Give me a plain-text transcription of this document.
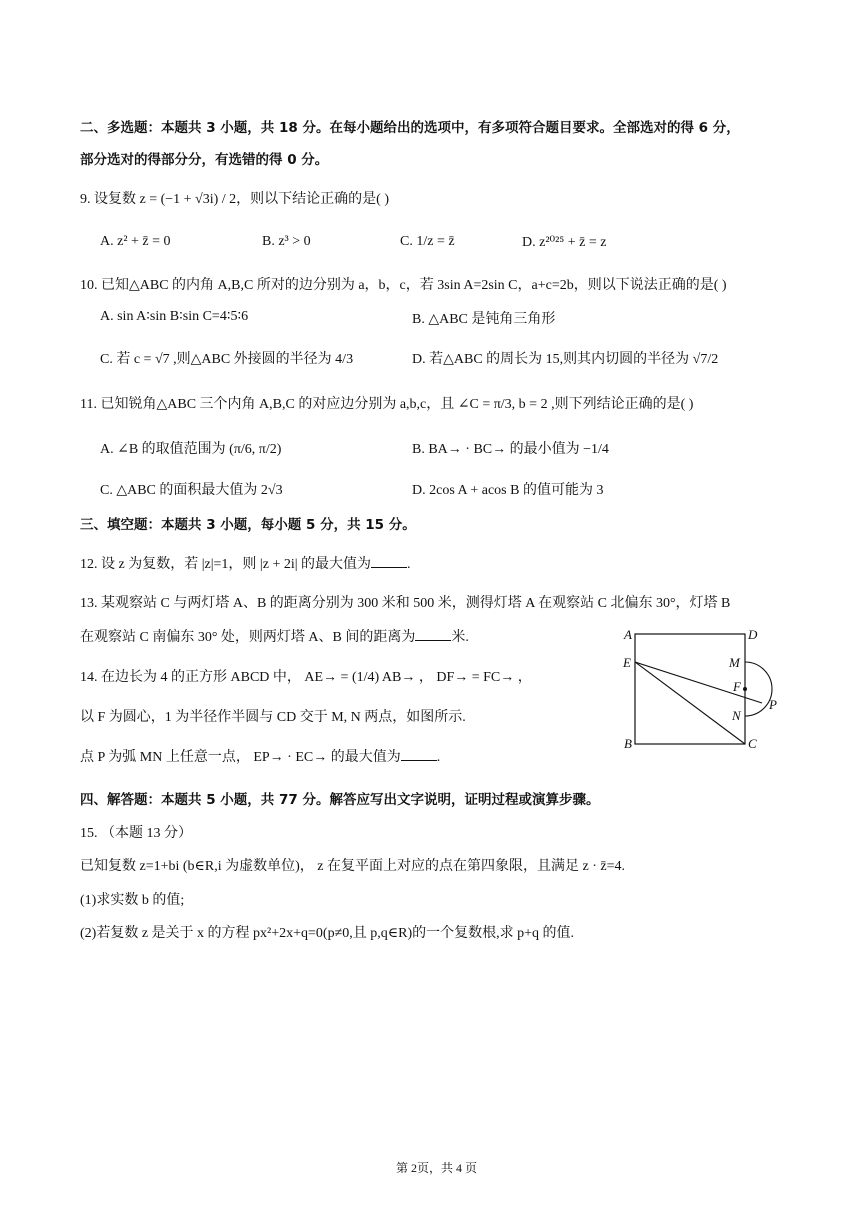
二、多选题：本题共 3 小题，共 18 分。在每小题给出的选项中，有多项符合题目要求。全部选对的得 6 分，
部分选对的得部分分，有选错的得 0 分。
9. 设复数 z = (−1 + √3i) / 2，则以下结论正确的是( )
A. z² + z̄ = 0	B. z³ > 0	C. 1/z = z̄	D. z²⁰²⁵ + z̄ = z
10. 已知△ABC 的内角 A,B,C 所对的边分别为 a，b，c，若 3sin A=2sin C，a+c=2b，则以下说法正确的是( )
A. sin A∶sin B∶sin C=4∶5∶6	B. △ABC 是钝角三角形
C. 若 c = √7 ,则△ABC 外接圆的半径为 4/3	D. 若△ABC 的周长为 15,则其内切圆的半径为 √7/2
11. 已知锐角△ABC 三个内角 A,B,C 的对应边分别为 a,b,c，且 ∠C = π/3, b = 2 ,则下列结论正确的是( )
A. ∠B 的取值范围为 (π/6, π/2)	B. BA→ · BC→ 的最小值为 −1/4
C. △ABC 的面积最大值为 2√3	D. 2cos A + acos B 的值可能为 3
三、填空题：本题共 3 小题，每小题 5 分，共 15 分。
12. 设 z 为复数，若 |z|=1，则 |z + 2i| 的最大值为	.
13. 某观察站 C 与两灯塔 A、B 的距离分别为 300 米和 500 米，测得灯塔 A 在观察站 C 北偏东 30°，灯塔 B
在观察站 C 南偏东 30° 处，则两灯塔 A、B 间的距离为	米.
14. 在边长为 4 的正方形 ABCD 中， AE→ = (1/4) AB→ ， DF→ = FC→ ，
以 F 为圆心，1 为半径作半圆与 CD 交于 M, N 两点，如图所示.
点 P 为弧 MN 上任意一点， EP→ · EC→ 的最大值为	.
A	D
E	M
F
P
N
B	C
四、解答题：本题共 5 小题，共 77 分。解答应写出文字说明，证明过程或演算步骤。
15. （本题 13 分）
已知复数 z=1+bi (b∈R,i 为虚数单位)， z 在复平面上对应的点在第四象限，且满足 z · z̄=4.
(1)求实数 b 的值;
(2)若复数 z 是关于 x 的方程 px²+2x+q=0(p≠0,且 p,q∈R)的一个复数根,求 p+q 的值.
第 2页，共 4 页
